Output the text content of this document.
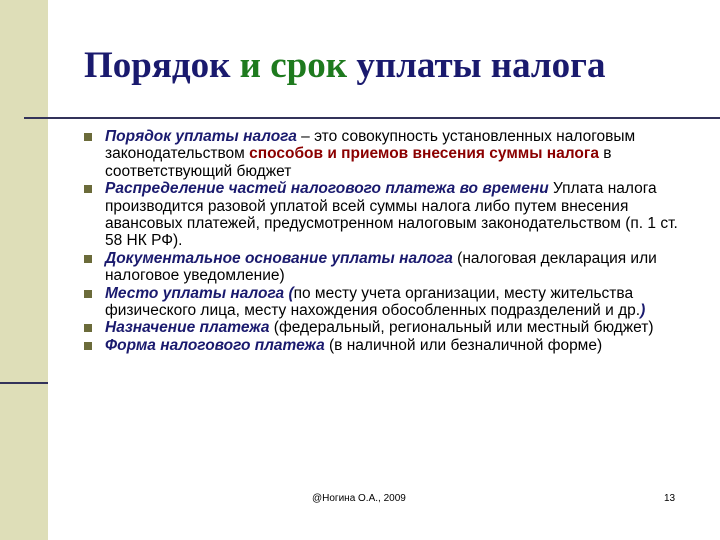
Порядок и срок уплаты налога
Порядок уплаты налога – это совокупность установленных налоговым законодательством способов и приемов внесения суммы налога в соответствующий бюджет
Распределение частей налогового платежа во времени Уплата налога производится разовой уплатой всей суммы налога либо путем внесения авансовых платежей, предусмотренном налоговым законодательством (п. 1 ст. 58 НК РФ).
Документальное основание уплаты налога (налоговая декларация или налоговое уведомление)
Место уплаты налога (по месту учета организации, месту жительства физического лица, месту нахождения обособленных подразделений и др.)
Назначение платежа (федеральный, региональный или местный бюджет)
Форма налогового платежа (в наличной или безналичной форме)
@Ногина О.А., 2009	13
